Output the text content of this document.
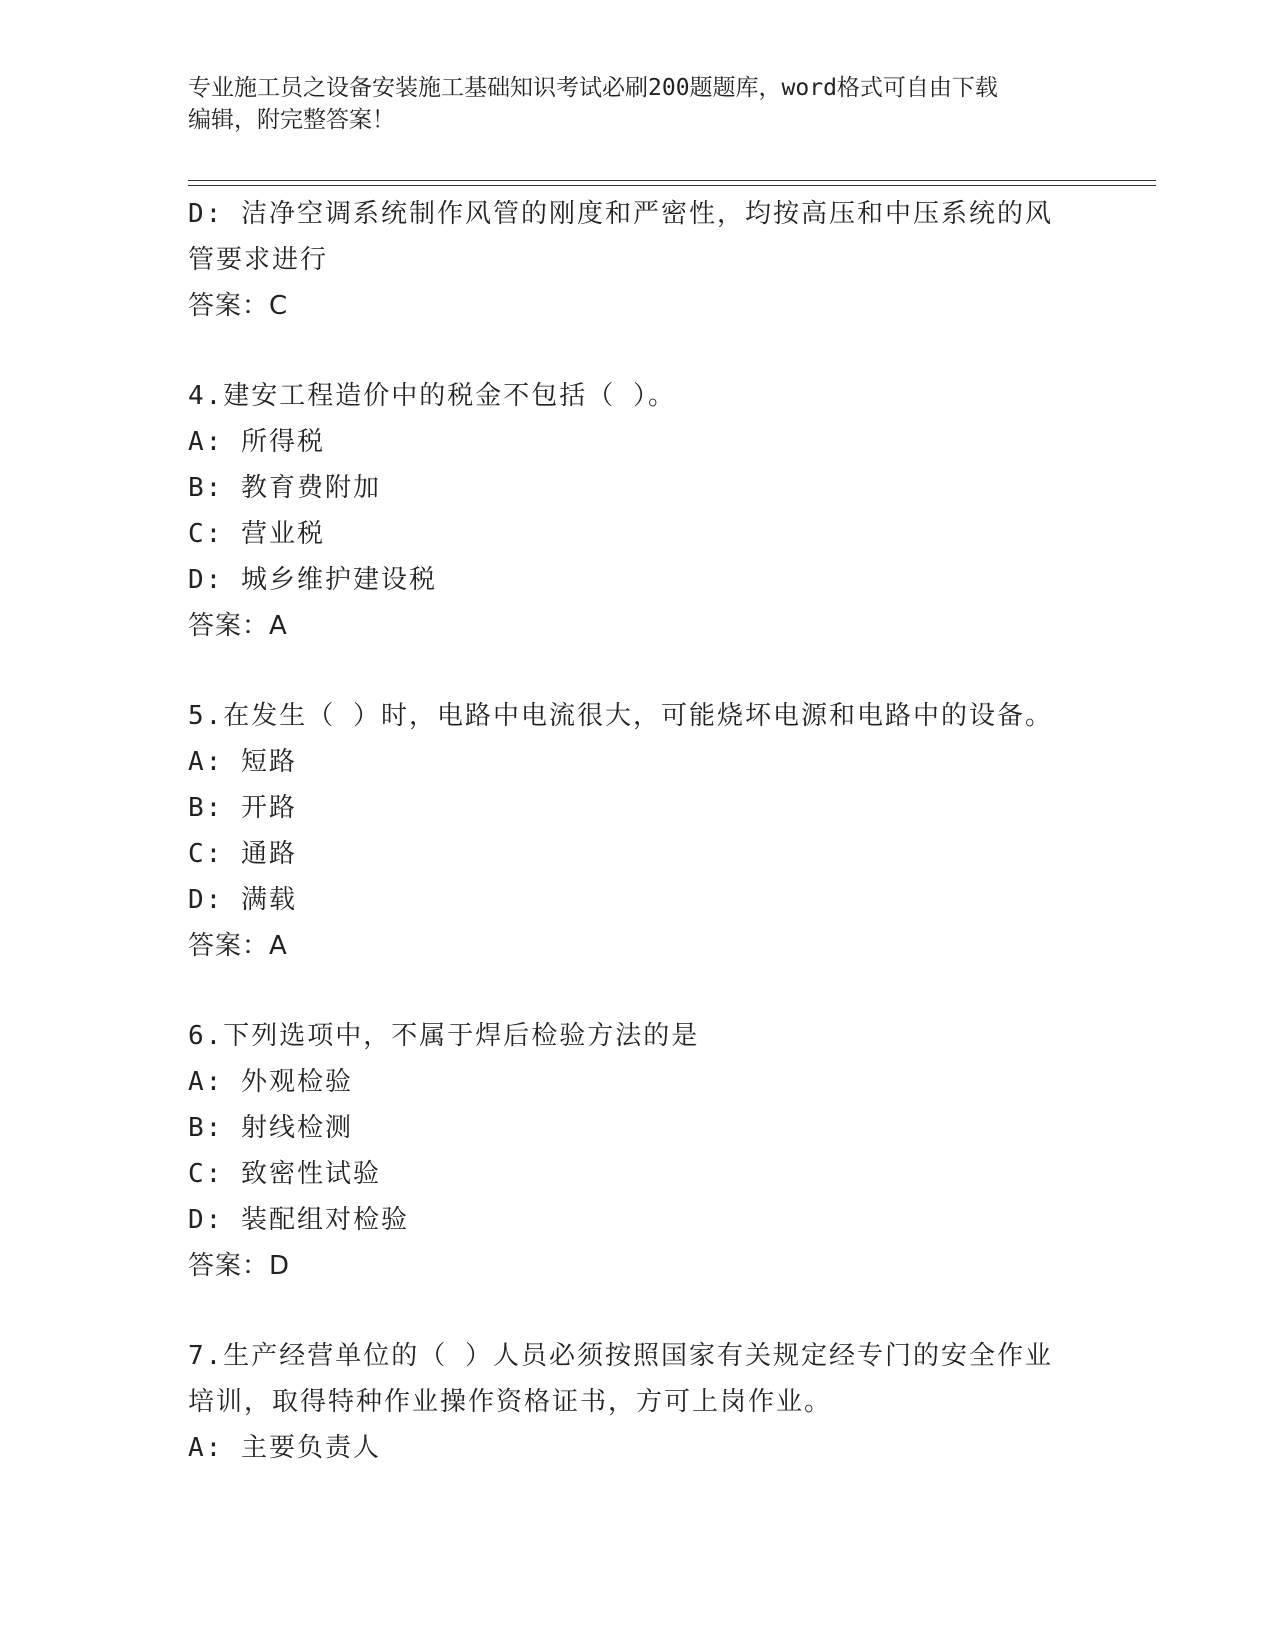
专业施工员之设备安装施工基础知识考试必刷200题题库，word格式可自由下载
编辑，附完整答案！
D: 洁净空调系统制作风管的刚度和严密性，均按高压和中压系统的风
管要求进行
答案：C
4.建安工程造价中的税金不包括（ ）。
A: 所得税
B: 教育费附加
C: 营业税
D: 城乡维护建设税
答案：A
5.在发生（ ）时，电路中电流很大，可能烧坏电源和电路中的设备。
A: 短路
B: 开路
C: 通路
D: 满载
答案：A
6.下列选项中，不属于焊后检验方法的是
A: 外观检验
B: 射线检测
C: 致密性试验
D: 装配组对检验
答案：D
7.生产经营单位的（ ）人员必须按照国家有关规定经专门的安全作业
培训，取得特种作业操作资格证书，方可上岗作业。
A: 主要负责人
